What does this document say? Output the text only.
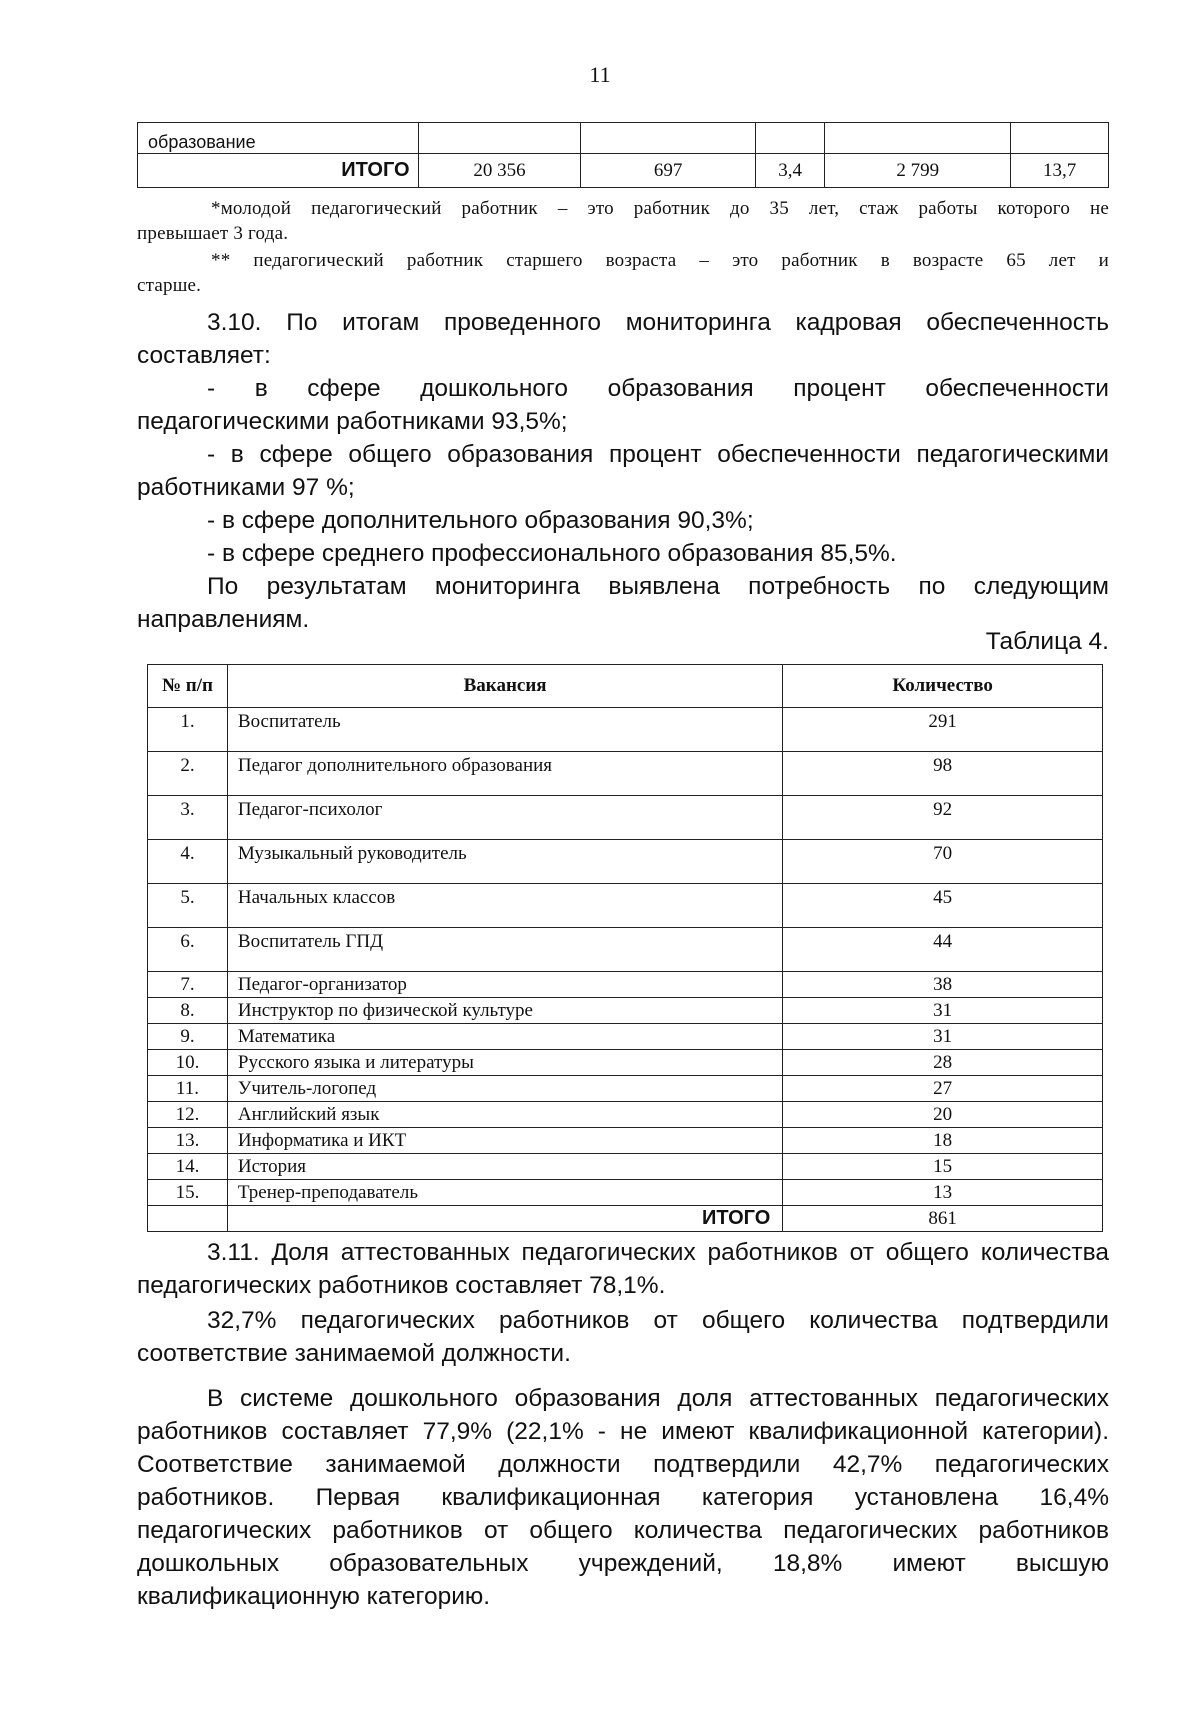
11
образование					
ИТОГО	20 356	697	3,4	2 799	13,7

*молодой педагогический работник – это работник до 35 лет, стаж работы которого не

превышает 3 года.

** педагогический работник старшего возраста – это работник в возрасте 65 лет и

старше.

3.10. По итогам проведенного мониторинга кадровая обеспеченность составляет:

- в сфере дошкольного образования процент обеспеченности

педагогическими работниками 93,5%;

- в сфере общего образования процент обеспеченности педагогическими работниками 97 %;

- в сфере дополнительного образования 90,3%;

- в сфере среднего профессионального образования 85,5%.

По результатам мониторинга выявлена потребность по следующим направлениям.

Таблица 4.
№ п/п	Вакансия	Количество
1.	Воспитатель	291
2.	Педагог дополнительного образования	98
3.	Педагог-психолог	92
4.	Музыкальный руководитель	70
5.	Начальных классов	45
6.	Воспитатель ГПД	44
7.	Педагог-организатор	38
8.	Инструктор по физической культуре	31
9.	Математика	31
10.	Русского языка и литературы	28
11.	Учитель-логопед	27
12.	Английский язык	20
13.	Информатика и ИКТ	18
14.	История	15
15.	Тренер-преподаватель	13
	ИТОГО	861

3.11. Доля аттестованных педагогических работников от общего количества педагогических работников составляет 78,1%.

32,7% педагогических работников от общего количества подтвердили соответствие занимаемой должности.

В системе дошкольного образования доля аттестованных педагогических работников составляет 77,9% (22,1% - не имеют квалификационной категории). Соответствие занимаемой должности подтвердили 42,7% педагогических работников. Первая квалификационная категория установлена 16,4% педагогических работников от общего количества педагогических работников дошкольных образовательных учреждений, 18,8% имеют высшую квалификационную категорию.
